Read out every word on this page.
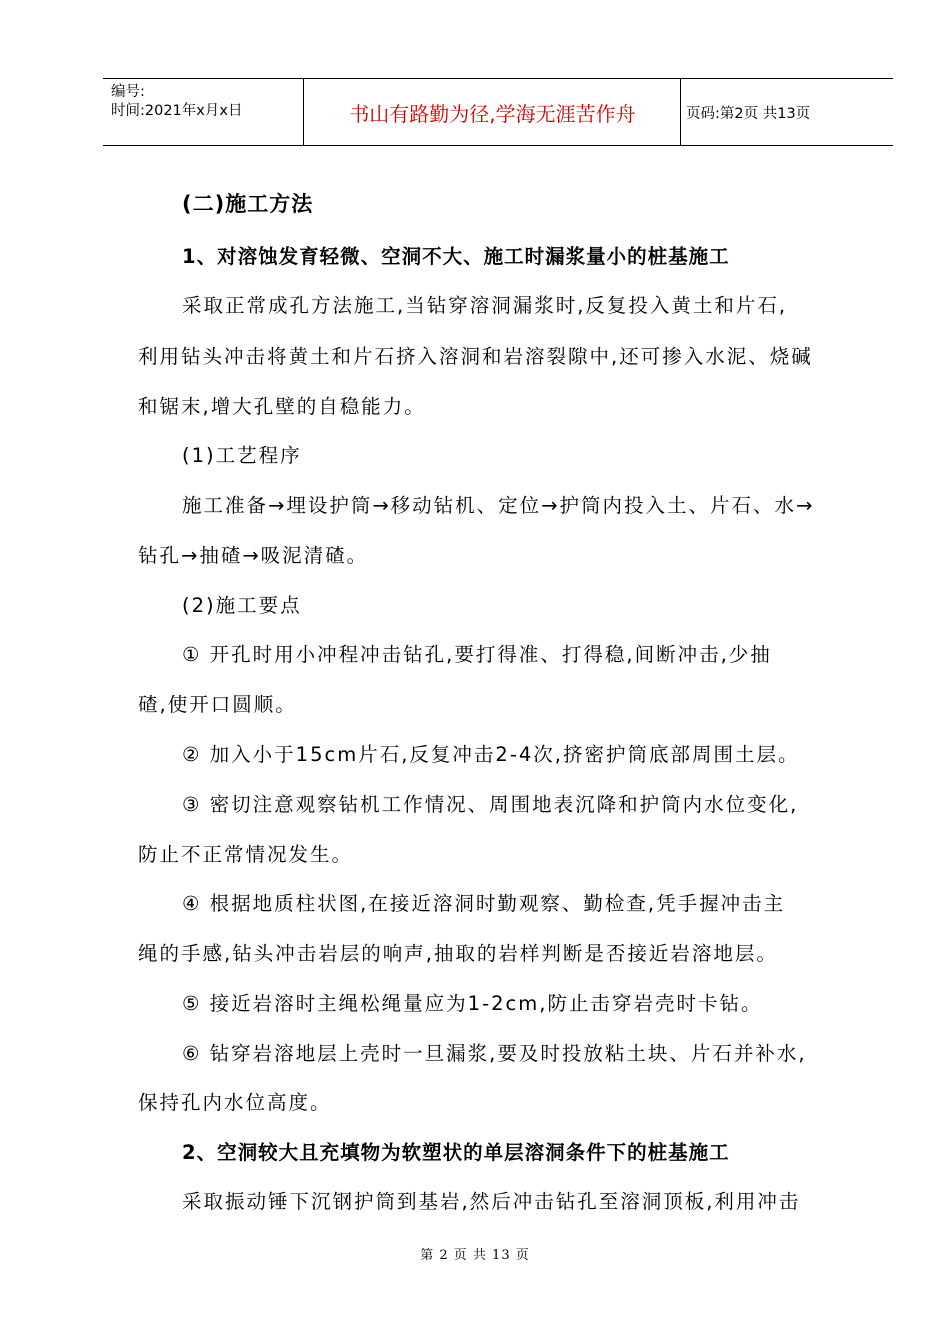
编号:
时间:2021年x月x日	书山有路勤为径,学海无涯苦作舟	页码:第2页 共13页
(二)施工方法
1、对溶蚀发育轻微、空洞不大、施工时漏浆量小的桩基施工
采取正常成孔方法施工,当钻穿溶洞漏浆时,反复投入黄土和片石,
利用钻头冲击将黄土和片石挤入溶洞和岩溶裂隙中,还可掺入水泥、烧碱
和锯末,增大孔壁的自稳能力。
(1)工艺程序
施工准备→埋设护筒→移动钻机、定位→护筒内投入土、片石、水→
钻孔→抽碴→吸泥清碴。
(2)施工要点
① 开孔时用小冲程冲击钻孔,要打得准、打得稳,间断冲击,少抽
碴,使开口圆顺。
② 加入小于15cm片石,反复冲击2-4次,挤密护筒底部周围土层。
③ 密切注意观察钻机工作情况、周围地表沉降和护筒内水位变化,
防止不正常情况发生。
④ 根据地质柱状图,在接近溶洞时勤观察、勤检查,凭手握冲击主
绳的手感,钻头冲击岩层的响声,抽取的岩样判断是否接近岩溶地层。
⑤ 接近岩溶时主绳松绳量应为1-2cm,防止击穿岩壳时卡钻。
⑥ 钻穿岩溶地层上壳时一旦漏浆,要及时投放粘土块、片石并补水,
保持孔内水位高度。
2、空洞较大且充填物为软塑状的单层溶洞条件下的桩基施工
采取振动锤下沉钢护筒到基岩,然后冲击钻孔至溶洞顶板,利用冲击
第 2 页 共 13 页
